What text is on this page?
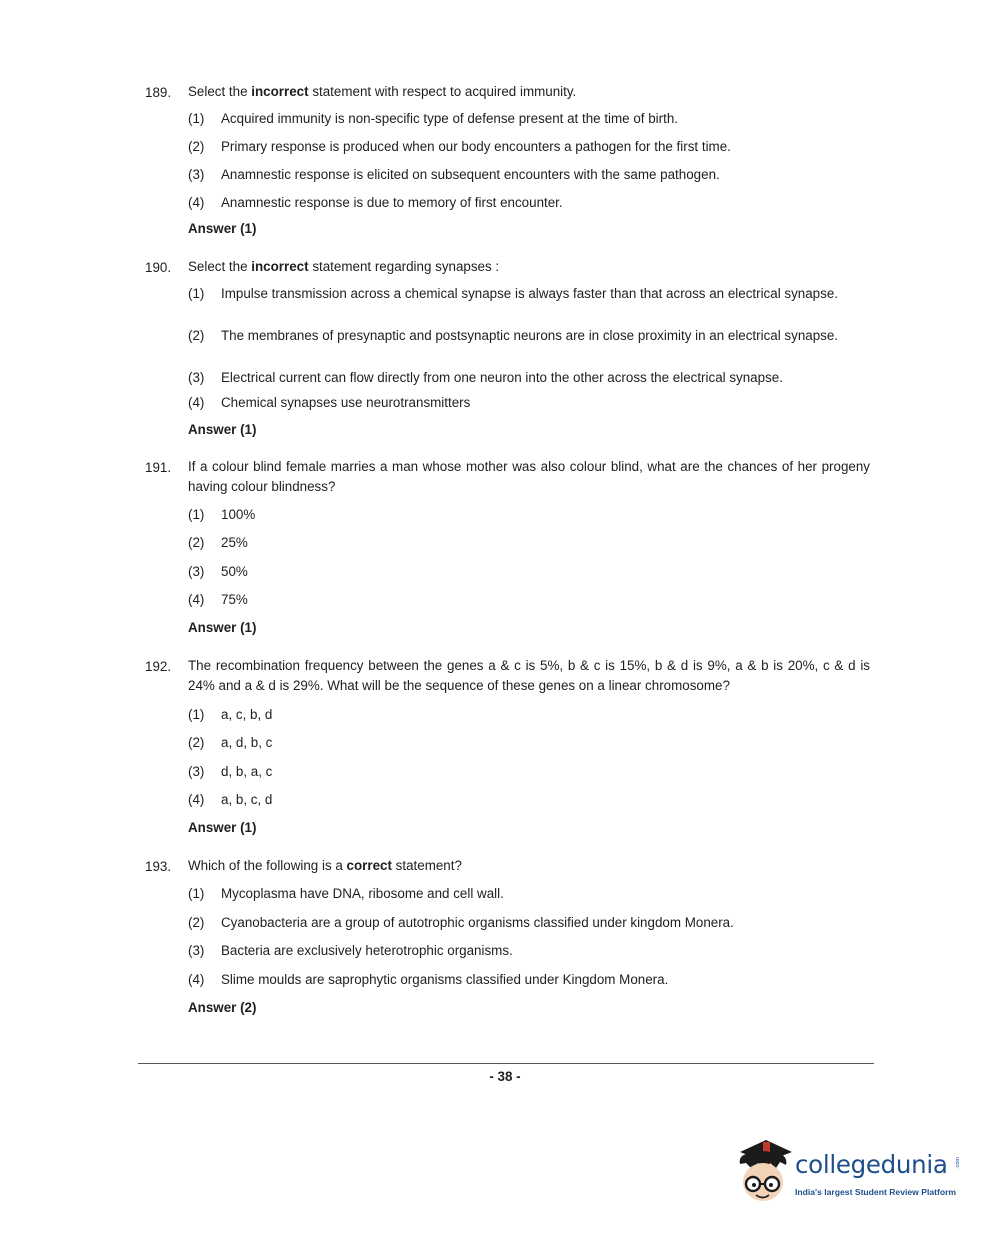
189. Select the incorrect statement with respect to acquired immunity.
(1) Acquired immunity is non-specific type of defense present at the time of birth.
(2) Primary response is produced when our body encounters a pathogen for the first time.
(3) Anamnestic response is elicited on subsequent encounters with the same pathogen.
(4) Anamnestic response is due to memory of first encounter.
Answer (1)
190. Select the incorrect statement regarding synapses :
(1) Impulse transmission across a chemical synapse is always faster than that across an electrical synapse.
(2) The membranes of presynaptic and postsynaptic neurons are in close proximity in an electrical synapse.
(3) Electrical current can flow directly from one neuron into the other across the electrical synapse.
(4) Chemical synapses use neurotransmitters
Answer (1)
191. If a colour blind female marries a man whose mother was also colour blind, what are the chances of her progeny having colour blindness?
(1) 100%
(2) 25%
(3) 50%
(4) 75%
Answer (1)
192. The recombination frequency between the genes a & c is 5%, b & c is 15%, b & d is 9%, a & b is 20%, c & d is 24% and a & d is 29%. What will be the sequence of these genes on a linear chromosome?
(1) a, c, b, d
(2) a, d, b, c
(3) d, b, a, c
(4) a, b, c, d
Answer (1)
193. Which of the following is a correct statement?
(1) Mycoplasma have DNA, ribosome and cell wall.
(2) Cyanobacteria are a group of autotrophic organisms classified under kingdom Monera.
(3) Bacteria are exclusively heterotrophic organisms.
(4) Slime moulds are saprophytic organisms classified under Kingdom Monera.
Answer (2)
- 38 -
collegedunia .com
India's largest Student Review Platform
